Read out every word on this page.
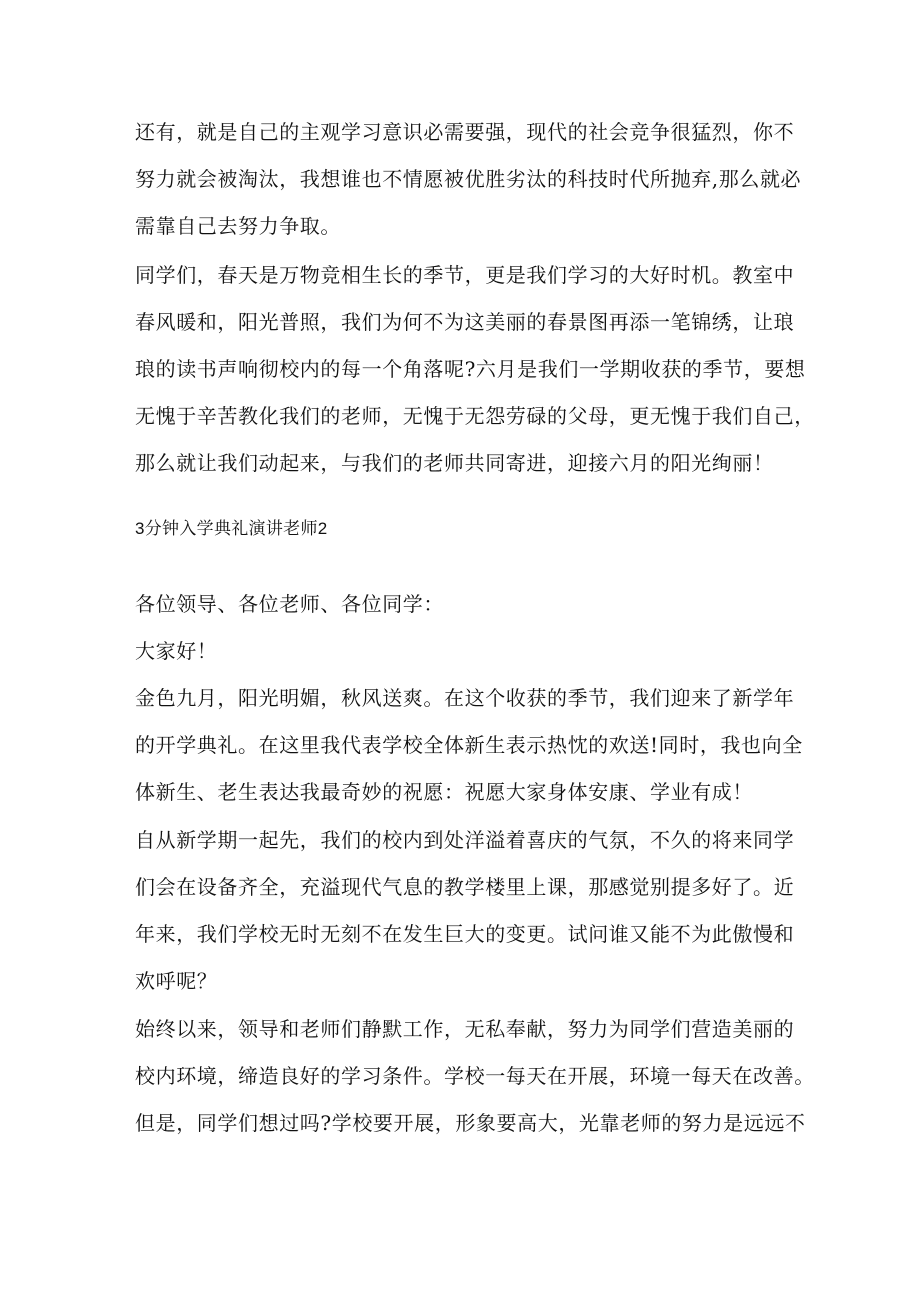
还有，就是自己的主观学习意识必需要强，现代的社会竞争很猛烈，你不
努力就会被淘汰，我想谁也不情愿被优胜劣汰的科技时代所抛弃,那么就必
需靠自己去努力争取。

同学们，春天是万物竞相生长的季节，更是我们学习的大好时机。教室中
春风暖和，阳光普照，我们为何不为这美丽的春景图再添一笔锦绣，让琅
琅的读书声响彻校内的每一个角落呢?六月是我们一学期收获的季节，要想
无愧于辛苦教化我们的老师，无愧于无怨劳碌的父母，更无愧于我们自己，
那么就让我们动起来，与我们的老师共同寄进，迎接六月的阳光绚丽！

3分钟入学典礼演讲老师2

各位领导、各位老师、各位同学：

大家好！

金色九月，阳光明媚，秋风送爽。在这个收获的季节，我们迎来了新学年
的开学典礼。在这里我代表学校全体新生表示热忱的欢送!同时，我也向全
体新生、老生表达我最奇妙的祝愿：祝愿大家身体安康、学业有成！

自从新学期一起先，我们的校内到处洋溢着喜庆的气氛，不久的将来同学
们会在设备齐全，充溢现代气息的教学楼里上课，那感觉别提多好了。近
年来，我们学校无时无刻不在发生巨大的变更。试问谁又能不为此傲慢和
欢呼呢？

始终以来，领导和老师们静默工作，无私奉献，努力为同学们营造美丽的
校内环境，缔造良好的学习条件。学校一每天在开展，环境一每天在改善。
但是，同学们想过吗?学校要开展，形象要高大，光靠老师的努力是远远不
